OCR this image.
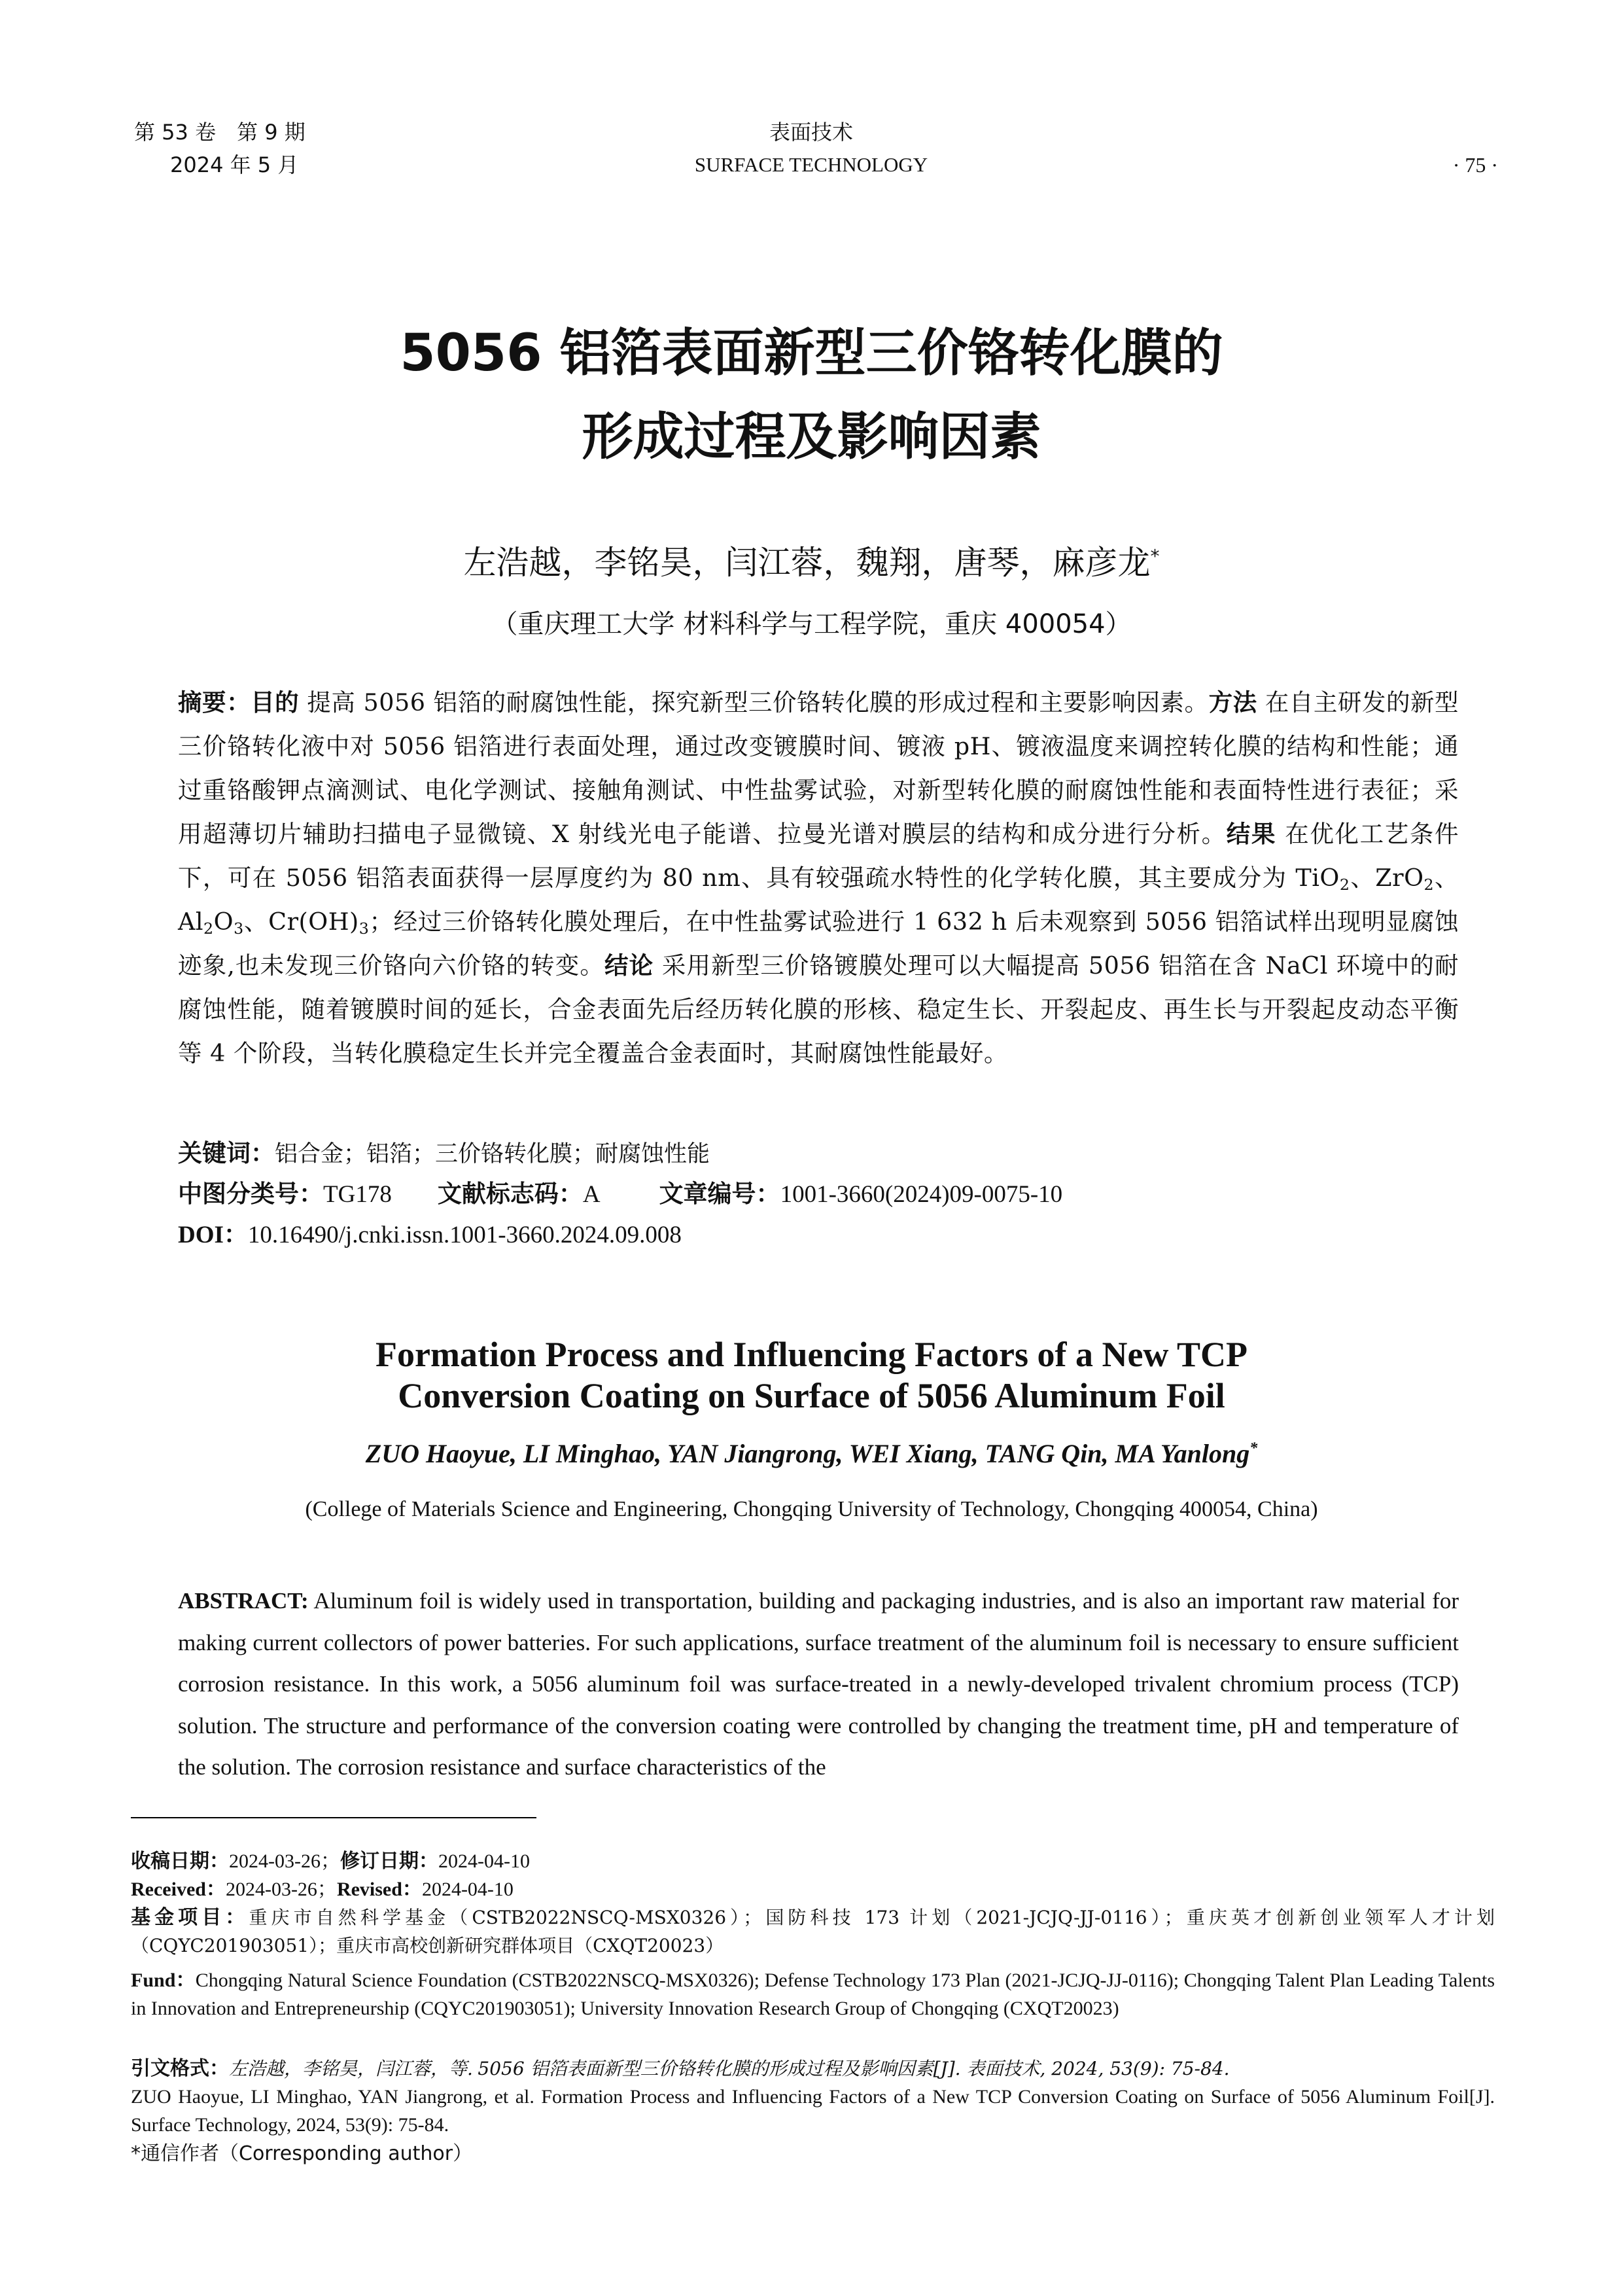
第 53 卷　第 9 期
2024 年 5 月
表面技术
SURFACE TECHNOLOGY	· 75 ·
5056 铝箔表面新型三价铬转化膜的
形成过程及影响因素
左浩越，李铭昊，闫江蓉，魏翔，唐琴，麻彦龙*
（重庆理工大学 材料科学与工程学院，重庆 400054）
摘要：目的 提高 5056 铝箔的耐腐蚀性能，探究新型三价铬转化膜的形成过程和主要影响因素。方法 在自主研发的新型三价铬转化液中对 5056 铝箔进行表面处理，通过改变镀膜时间、镀液 pH、镀液温度来调控转化膜的结构和性能；通过重铬酸钾点滴测试、电化学测试、接触角测试、中性盐雾试验，对新型转化膜的耐腐蚀性能和表面特性进行表征；采用超薄切片辅助扫描电子显微镜、X 射线光电子能谱、拉曼光谱对膜层的结构和成分进行分析。结果 在优化工艺条件下，可在 5056 铝箔表面获得一层厚度约为 80 nm、具有较强疏水特性的化学转化膜，其主要成分为 TiO$_2$、ZrO$_2$、$Al_2O_3$、$Cr(OH)_3$；经过三价铬转化膜处理后，在中性盐雾试验进行 1 632 h 后未观察到 5056 铝箔试样出现明显腐蚀迹象,也未发现三价铬向六价铬的转变。结论 采用新型三价铬镀膜处理可以大幅提高 5056 铝箔在含 NaCl 环境中的耐腐蚀性能，随着镀膜时间的延长，合金表面先后经历转化膜的形核、稳定生长、开裂起皮、再生长与开裂起皮动态平衡等 4 个阶段，当转化膜稳定生长并完全覆盖合金表面时，其耐腐蚀性能最好。
关键词：铝合金；铝箔；三价铬转化膜；耐腐蚀性能
中图分类号：TG178 文献标志码：A 文章编号：1001-3660(2024)09-0075-10
DOI：10.16490/j.cnki.issn.1001-3660.2024.09.008
Formation Process and Influencing Factors of a New TCP
Conversion Coating on Surface of 5056 Aluminum Foil
ZUO Haoyue, LI Minghao, YAN Jiangrong, WEI Xiang, TANG Qin, MA Yanlong*
(College of Materials Science and Engineering, Chongqing University of Technology, Chongqing 400054, China)
ABSTRACT: Aluminum foil is widely used in transportation, building and packaging industries, and is also an important raw material for making current collectors of power batteries. For such applications, surface treatment of the aluminum foil is necessary to ensure sufficient corrosion resistance. In this work, a 5056 aluminum foil was surface-treated in a newly-developed trivalent chromium process (TCP) solution. The structure and performance of the conversion coating were controlled by changing the treatment time, pH and temperature of the solution. The corrosion resistance and surface characteristics of the
收稿日期：2024-03-26；修订日期：2024-04-10
Received：2024-03-26；Revised：2024-04-10
基金项目：重庆市自然科学基金（CSTB2022NSCQ-MSX0326）；国防科技 173 计划（2021-JCJQ-JJ-0116）；重庆英才创新创业领军人才计划（CQYC201903051）；重庆市高校创新研究群体项目（CXQT20023）
Fund：Chongqing Natural Science Foundation (CSTB2022NSCQ-MSX0326); Defense Technology 173 Plan (2021-JCJQ-JJ-0116); Chongqing Talent Plan Leading Talents in Innovation and Entrepreneurship (CQYC201903051); University Innovation Research Group of Chongqing (CXQT20023)
引文格式：左浩越，李铭昊，闫江蓉，等. 5056 铝箔表面新型三价铬转化膜的形成过程及影响因素[J]. 表面技术, 2024, 53(9): 75-84.
ZUO Haoyue, LI Minghao, YAN Jiangrong, et al. Formation Process and Influencing Factors of a New TCP Conversion Coating on Surface of 5056 Aluminum Foil[J]. Surface Technology, 2024, 53(9): 75-84.
*通信作者（Corresponding author）
